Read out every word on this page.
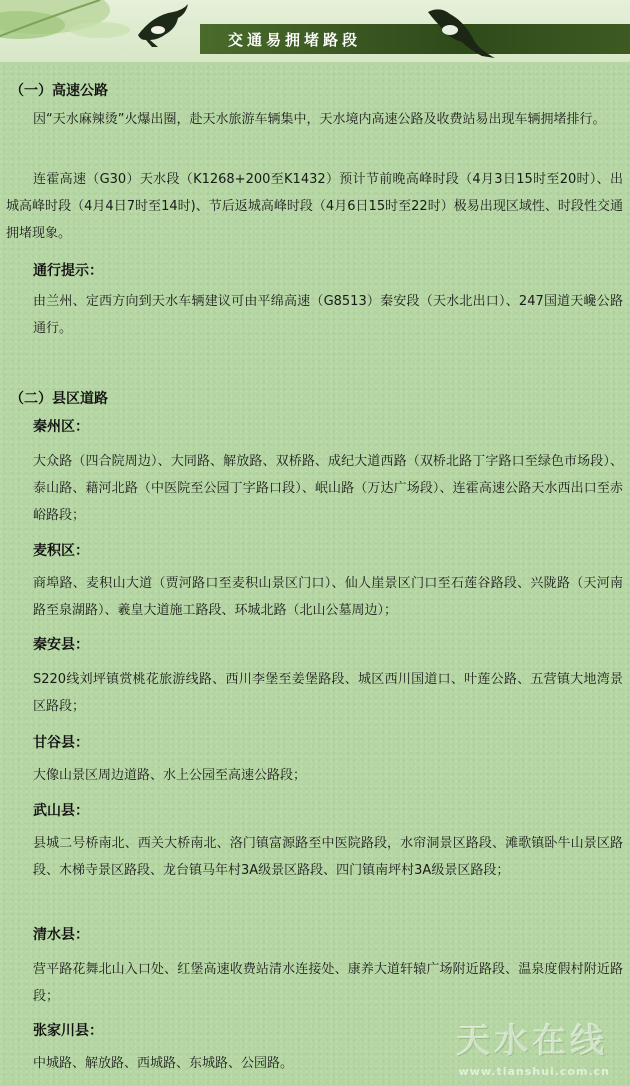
交通易拥堵路段
（一）高速公路
因“天水麻辣烫”火爆出圈，赴天水旅游车辆集中，天水境内高速公路及收费站易出现车辆拥堵排行。
连霍高速（G30）天水段（K1268+200至K1432）预计节前晚高峰时段（4月3日15时至20时）、出城高峰时段（4月4日7时至14时)、节后返城高峰时段（4月6日15时至22时）极易出现区域性、时段性交通拥堵现象。
通行提示：
由兰州、定西方向到天水车辆建议可由平绵高速（G8513）秦安段（天水北出口）、247国道天巉公路通行。
（二）县区道路
秦州区：
大众路（四合院周边）、大同路、解放路、双桥路、成纪大道西路（双桥北路丁字路口至绿色市场段）、泰山路、藉河北路（中医院至公园丁字路口段）、岷山路（万达广场段）、连霍高速公路天水西出口至赤峪路段；
麦积区：
商埠路、麦积山大道（贾河路口至麦积山景区门口）、仙人崖景区门口至石莲谷路段、兴陇路（天河南路至泉湖路）、羲皇大道施工路段、环城北路（北山公墓周边）；
秦安县：
S220线刘坪镇赏桃花旅游线路、西川李堡至姜堡路段、城区西川国道口、叶莲公路、五营镇大地湾景区路段；
甘谷县：
大像山景区周边道路、水上公园至高速公路段；
武山县：
县城二号桥南北、西关大桥南北、洛门镇富源路至中医院路段，水帘洞景区路段、滩歌镇卧牛山景区路段、木梯寺景区路段、龙台镇马年村3A级景区路段、四门镇南坪村3A级景区路段；
清水县：
营平路花舞北山入口处、红堡高速收费站清水连接处、康养大道轩辕广场附近路段、温泉度假村附近路段；
张家川县：
中城路、解放路、西城路、东城路、公园路。
天水在线
www.tianshui.com.cn
